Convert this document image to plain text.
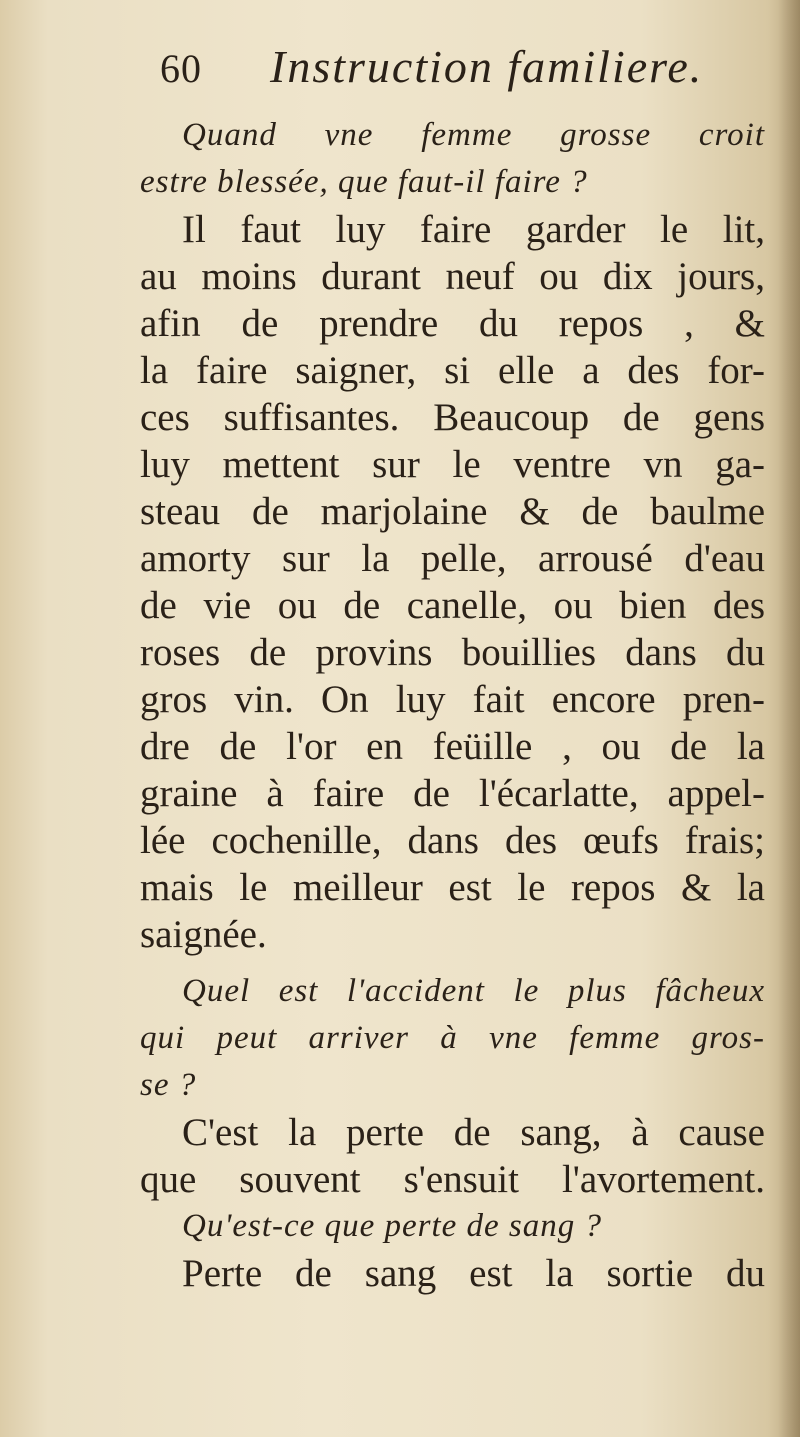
60	Instruction familiere.
Quand vne femme grosse croit
estre blessée, que faut-il faire ?
Il faut luy faire garder le lit,
au moins durant neuf ou dix jours,
afin de prendre du repos , &
la faire saigner, si elle a des for-
ces suffisantes. Beaucoup de gens
luy mettent sur le ventre vn ga-
steau de marjolaine & de baulme
amorty sur la pelle, arrousé d'eau
de vie ou de canelle, ou bien des
roses de provins bouillies dans du
gros vin. On luy fait encore pren-
dre de l'or en feüille , ou de la
graine à faire de l'écarlatte, appel-
lée cochenille, dans des œufs frais;
mais le meilleur est le repos & la
saignée.
Quel est l'accident le plus fâcheux
qui peut arriver à vne femme gros-
se ?
C'est la perte de sang, à cause
que souvent s'ensuit l'avortement.
Qu'est-ce que perte de sang ?
Perte de sang est la sortie du
